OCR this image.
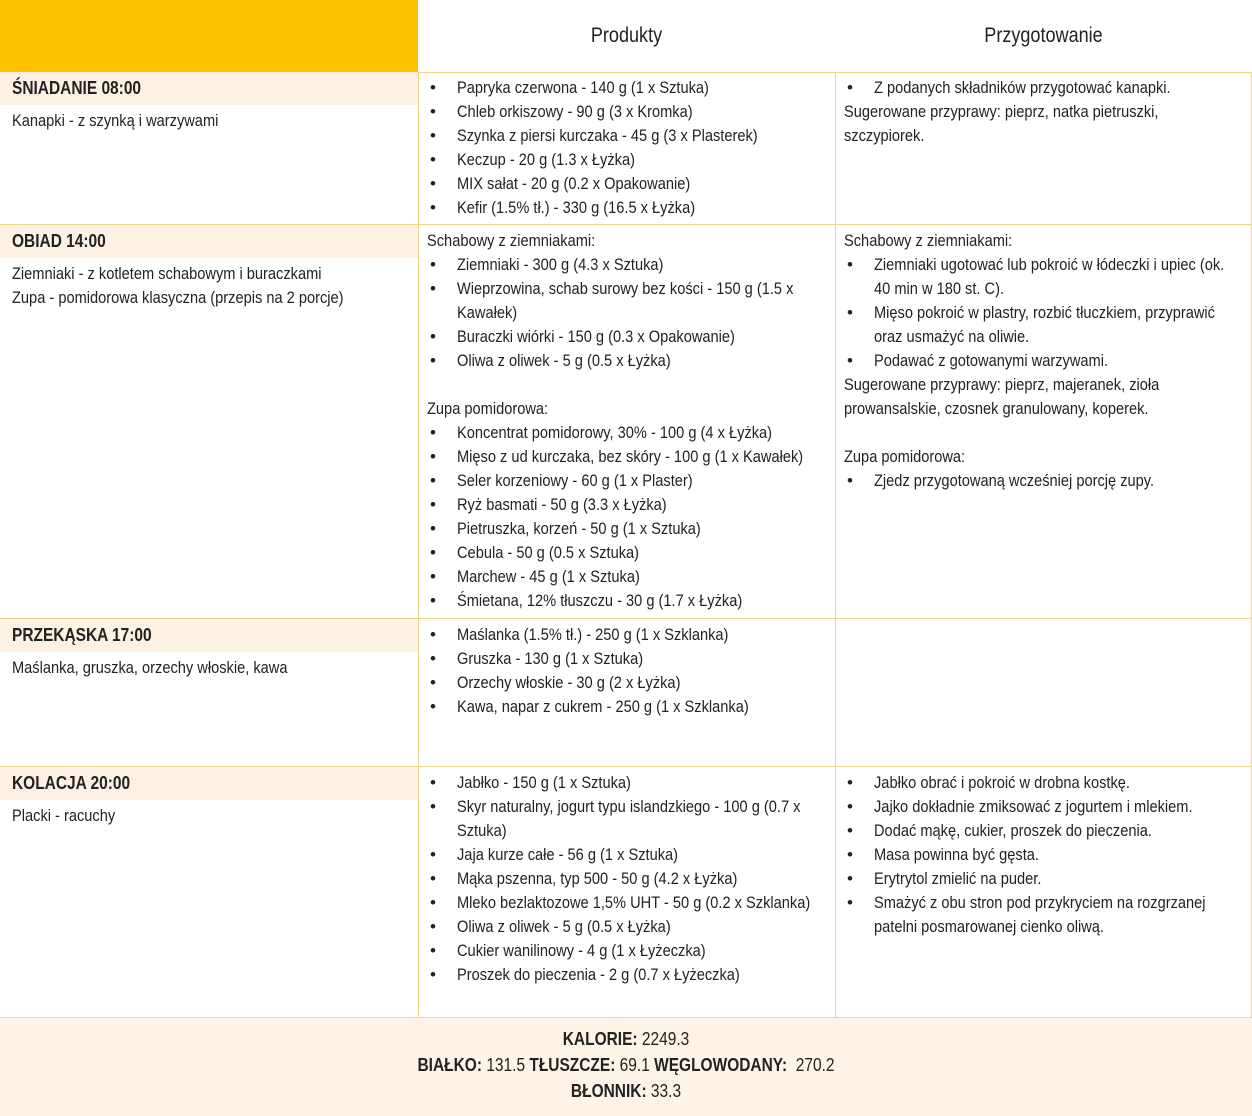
Produkty	Przygotowanie
ŚNIADANIE 08:00
Kanapki - z szynką i warzywami
• Papryka czerwona - 140 g (1 x Sztuka)
• Chleb orkiszowy - 90 g (3 x Kromka)
• Szynka z piersi kurczaka - 45 g (3 x Plasterek)
• Keczup - 20 g (1.3 x Łyżka)
• MIX sałat - 20 g (0.2 x Opakowanie)
• Kefir (1.5% tł.) - 330 g (16.5 x Łyżka)
• Z podanych składników przygotować kanapki.
Sugerowane przyprawy: pieprz, natka pietruszki, szczypiorek.
OBIAD 14:00
Ziemniaki - z kotletem schabowym i buraczkami
Zupa - pomidorowa klasyczna (przepis na 2 porcje)
Schabowy z ziemniakami:
• Ziemniaki - 300 g (4.3 x Sztuka)
• Wieprzowina, schab surowy bez kości - 150 g (1.5 x Kawałek)
• Buraczki wiórki - 150 g (0.3 x Opakowanie)
• Oliwa z oliwek - 5 g (0.5 x Łyżka)
Zupa pomidorowa:
• Koncentrat pomidorowy, 30% - 100 g (4 x Łyżka)
• Mięso z ud kurczaka, bez skóry - 100 g (1 x Kawałek)
• Seler korzeniowy - 60 g (1 x Plaster)
• Ryż basmati - 50 g (3.3 x Łyżka)
• Pietruszka, korzeń - 50 g (1 x Sztuka)
• Cebula - 50 g (0.5 x Sztuka)
• Marchew - 45 g (1 x Sztuka)
• Śmietana, 12% tłuszczu - 30 g (1.7 x Łyżka)
Schabowy z ziemniakami:
• Ziemniaki ugotować lub pokroić w łódeczki i upiec (ok. 40 min w 180 st. C).
• Mięso pokroić w plastry, rozbić tłuczkiem, przyprawić oraz usmażyć na oliwie.
• Podawać z gotowanymi warzywami.
Sugerowane przyprawy: pieprz, majeranek, zioła prowansalskie, czosnek granulowany, koperek.
Zupa pomidorowa:
• Zjedz przygotowaną wcześniej porcję zupy.
PRZEKĄSKA 17:00
Maślanka, gruszka, orzechy włoskie, kawa
• Maślanka (1.5% tł.) - 250 g (1 x Szklanka)
• Gruszka - 130 g (1 x Sztuka)
• Orzechy włoskie - 30 g (2 x Łyżka)
• Kawa, napar z cukrem - 250 g (1 x Szklanka)
KOLACJA 20:00
Placki - racuchy
• Jabłko - 150 g (1 x Sztuka)
• Skyr naturalny, jogurt typu islandzkiego - 100 g (0.7 x Sztuka)
• Jaja kurze całe - 56 g (1 x Sztuka)
• Mąka pszenna, typ 500 - 50 g (4.2 x Łyżka)
• Mleko bezlaktozowe 1,5% UHT - 50 g (0.2 x Szklanka)
• Oliwa z oliwek - 5 g (0.5 x Łyżka)
• Cukier wanilinowy - 4 g (1 x Łyżeczka)
• Proszek do pieczenia - 2 g (0.7 x Łyżeczka)
• Jabłko obrać i pokroić w drobna kostkę.
• Jajko dokładnie zmiksować z jogurtem i mlekiem.
• Dodać mąkę, cukier, proszek do pieczenia.
• Masa powinna być gęsta.
• Erytrytol zmielić na puder.
• Smażyć z obu stron pod przykryciem na rozgrzanej patelni posmarowanej cienko oliwą.
KALORIE: 2249.3
BIAŁKO: 131.5 TŁUSZCZE: 69.1 WĘGLOWODANY: 270.2
BŁONNIK: 33.3
